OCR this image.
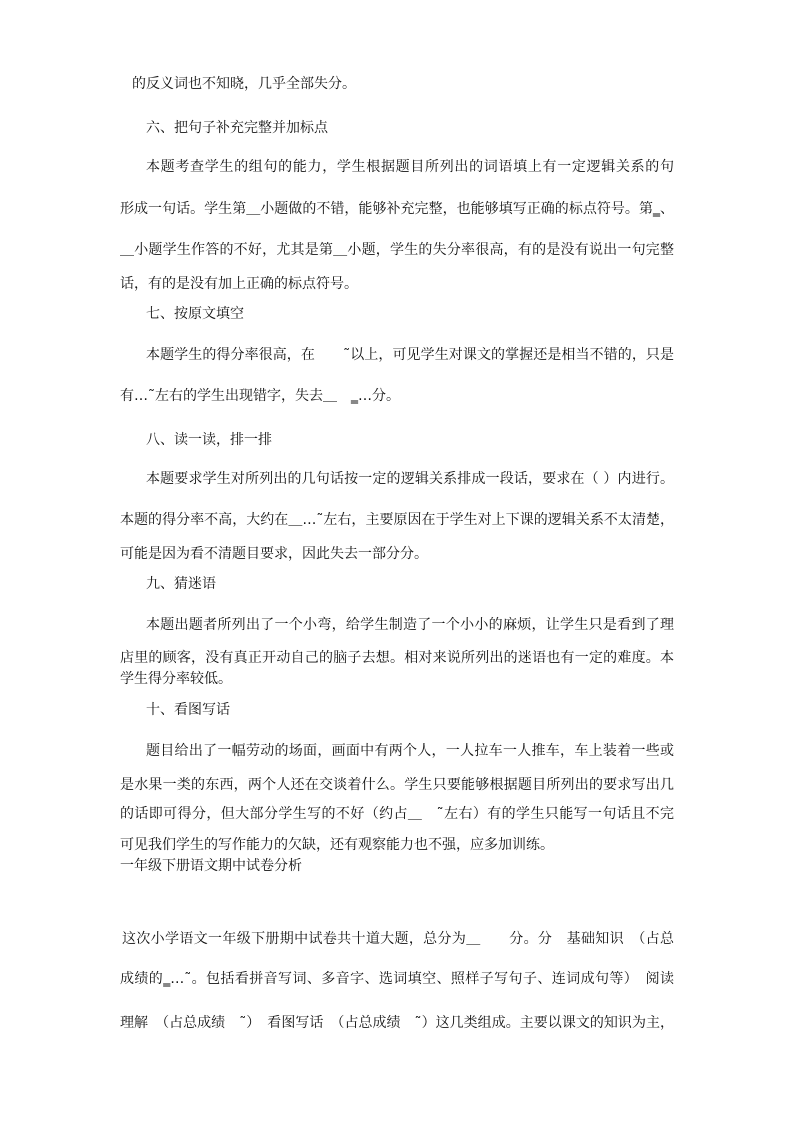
的反义词也不知晓，几乎全部失分。
六、把句子补充完整并加标点
本题考查学生的组句的能力，学生根据题目所列出的词语填上有一定逻辑关系的句
形成一句话。学生第＿小题做的不错，能够补充完整，也能够填写正确的标点符号。第‗、
＿小题学生作答的不好，尤其是第＿小题，学生的失分率很高，有的是没有说出一句完整
话，有的是没有加上正确的标点符号。
七、按原文填空
本题学生的得分率很高，在　　˜以上，可见学生对课文的掌握还是相当不错的，只是
有…˜左右的学生出现错字，失去＿　‗…分。
八、读一读，排一排
本题要求学生对所列出的几句话按一定的逻辑关系排成一段话，要求在（ ）内进行。
本题的得分率不高，大约在＿…˜左右，主要原因在于学生对上下课的逻辑关系不太清楚，
可能是因为看不清题目要求，因此失去一部分分。
九、猜迷语
本题出题者所列出了一个小弯，给学生制造了一个小小的麻烦，让学生只是看到了理
店里的顾客，没有真正开动自己的脑子去想。相对来说所列出的迷语也有一定的难度。本
学生得分率较低。
十、看图写话
题目给出了一幅劳动的场面，画面中有两个人，一人拉车一人推车，车上装着一些或
是水果一类的东西，两个人还在交谈着什么。学生只要能够根据题目所列出的要求写出几
的话即可得分，但大部分学生写的不好（约占＿　˜左右）有的学生只能写一句话且不完
可见我们学生的写作能力的欠缺，还有观察能力也不强，应多加训练。
一年级下册语文期中试卷分析
这次小学语文一年级下册期中试卷共十道大题，总分为＿　　分。分　基础知识　（占总
成绩的‗…˜。包括看拼音写词、多音字、选词填空、照样子写句子、连词成句等）　阅读
理解　（占总成绩　˜）　看图写话　（占总成绩　˜）这几类组成。主要以课文的知识为主，
